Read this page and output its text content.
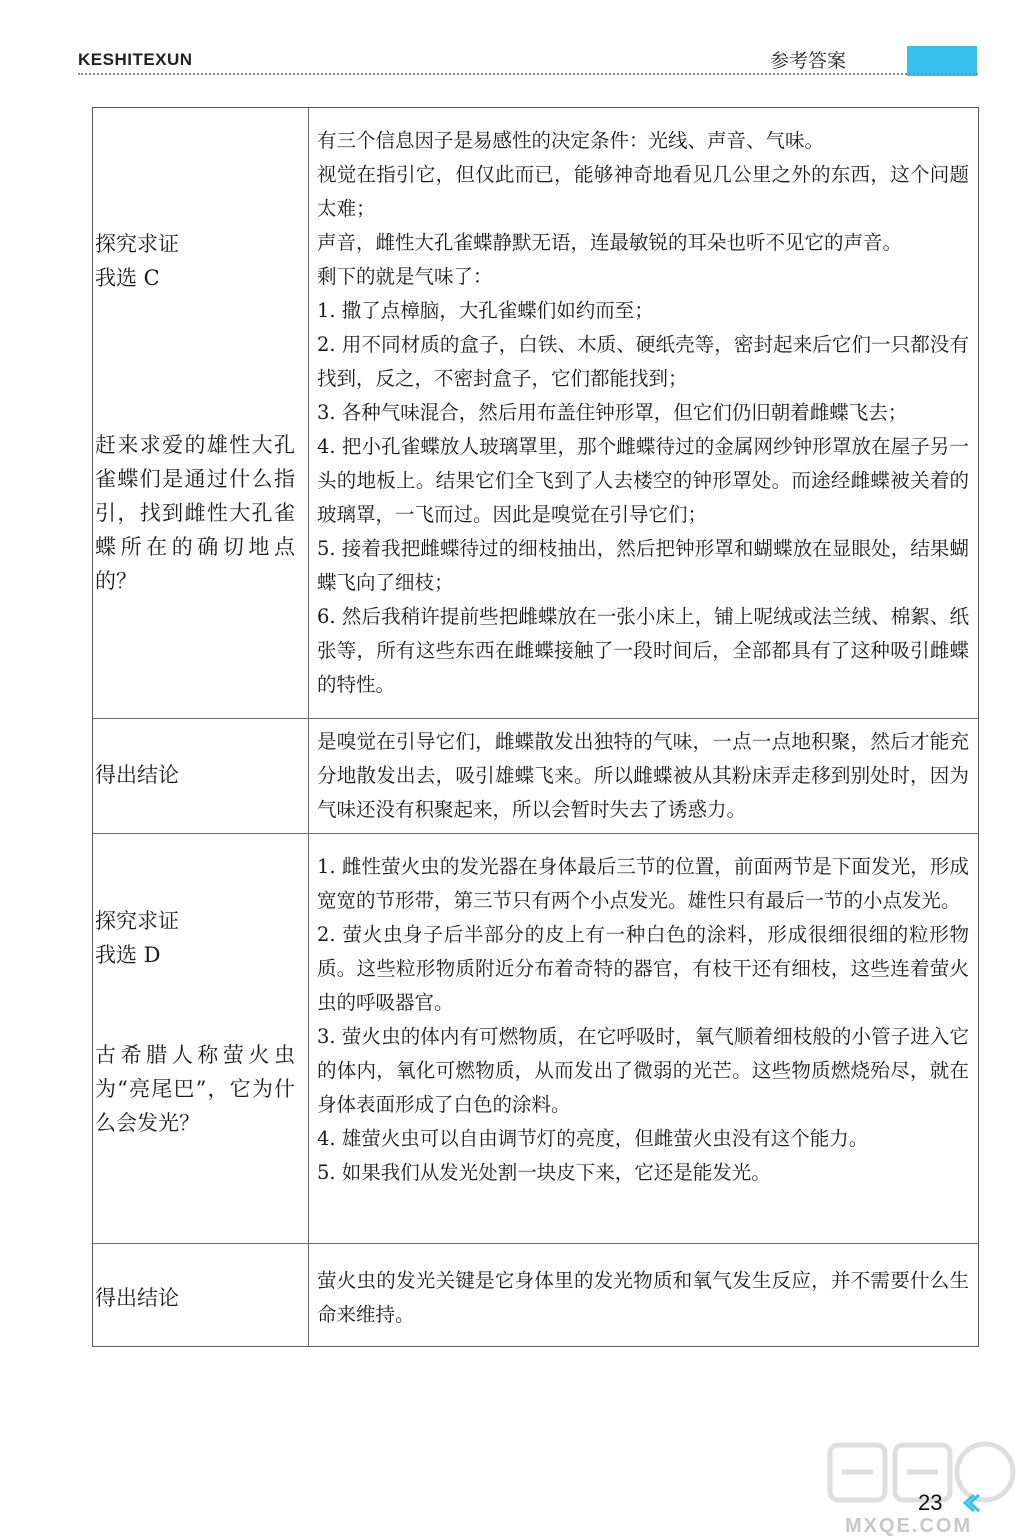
KESHITEXUN	参考答案
探究求证
我选 C
赶来求爱的雄性大孔雀蝶们是通过什么指引，找到雌性大孔雀蝶所在的确切地点的？

有三个信息因子是易感性的决定条件：光线、声音、气味。

视觉在指引它，但仅此而已，能够神奇地看见几公里之外的东西，这个问题太难；

声音，雌性大孔雀蝶静默无语，连最敏锐的耳朵也听不见它的声音。

剩下的就是气味了：

1. 撒了点樟脑，大孔雀蝶们如约而至；

2. 用不同材质的盒子，白铁、木质、硬纸壳等，密封起来后它们一只都没有找到，反之，不密封盒子，它们都能找到；

3. 各种气味混合，然后用布盖住钟形罩，但它们仍旧朝着雌蝶飞去；

4. 把小孔雀蝶放人玻璃罩里，那个雌蝶待过的金属网纱钟形罩放在屋子另一头的地板上。结果它们全飞到了人去楼空的钟形罩处。而途经雌蝶被关着的玻璃罩，一飞而过。因此是嗅觉在引导它们；

5. 接着我把雌蝶待过的细枝抽出，然后把钟形罩和蝴蝶放在显眼处，结果蝴蝶飞向了细枝；

6. 然后我稍许提前些把雌蝶放在一张小床上，铺上呢绒或法兰绒、棉絮、纸张等，所有这些东西在雌蝶接触了一段时间后，全部都具有了这种吸引雌蝶的特性。

得出结论

是嗅觉在引导它们，雌蝶散发出独特的气味，一点一点地积聚，然后才能充分地散发出去，吸引雄蝶飞来。所以雌蝶被从其粉床弄走移到别处时，因为气味还没有积聚起来，所以会暂时失去了诱惑力。

探究求证
我选 D
古希腊人称萤火虫为“亮尾巴”，它为什么会发光？

1. 雌性萤火虫的发光器在身体最后三节的位置，前面两节是下面发光，形成宽宽的节形带，第三节只有两个小点发光。雄性只有最后一节的小点发光。

2. 萤火虫身子后半部分的皮上有一种白色的涂料，形成很细很细的粒形物质。这些粒形物质附近分布着奇特的器官，有枝干还有细枝，这些连着萤火虫的呼吸器官。

3. 萤火虫的体内有可燃物质，在它呼吸时，氧气顺着细枝般的小管子进入它的体内，氧化可燃物质，从而发出了微弱的光芒。这些物质燃烧殆尽，就在身体表面形成了白色的涂料。

4. 雄萤火虫可以自由调节灯的亮度，但雌萤火虫没有这个能力。

5. 如果我们从发光处割一块皮下来，它还是能发光。

得出结论

萤火虫的发光关键是它身体里的发光物质和氧气发生反应，并不需要什么生命来维持。

MXQE.COM
23
